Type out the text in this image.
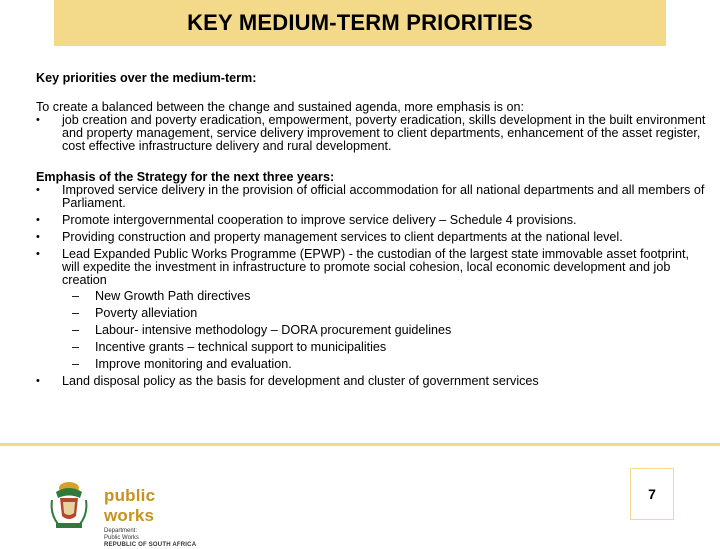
KEY MEDIUM-TERM PRIORITIES

Key priorities over the medium-term:

To create a balanced between the change and sustained agenda, more emphasis is on:

•	job creation and poverty eradication, empowerment, poverty eradication, skills development in the built environment and property management, service delivery improvement to client departments, enhancement of the asset register, cost effective infrastructure delivery and rural development.

Emphasis of the Strategy for the next three years:

•	Improved service delivery in the provision of official accommodation for all national departments and all members of Parliament.
•	Promote intergovernmental cooperation to improve service delivery – Schedule 4 provisions.
•	Providing construction and property management services to client departments at the national level.
•	Lead Expanded Public Works Programme (EPWP) - the custodian of the largest state immovable asset footprint, will expedite the investment in infrastructure to promote social cohesion, local economic development and job creation
– New Growth Path directives
– Poverty alleviation
– Labour- intensive methodology – DORA procurement guidelines
– Incentive grants – technical support to municipalities
– Improve monitoring and evaluation.
•	Land disposal policy as the basis for development and cluster of government services
public works
Department:
Public Works
REPUBLIC OF SOUTH AFRICA
7
